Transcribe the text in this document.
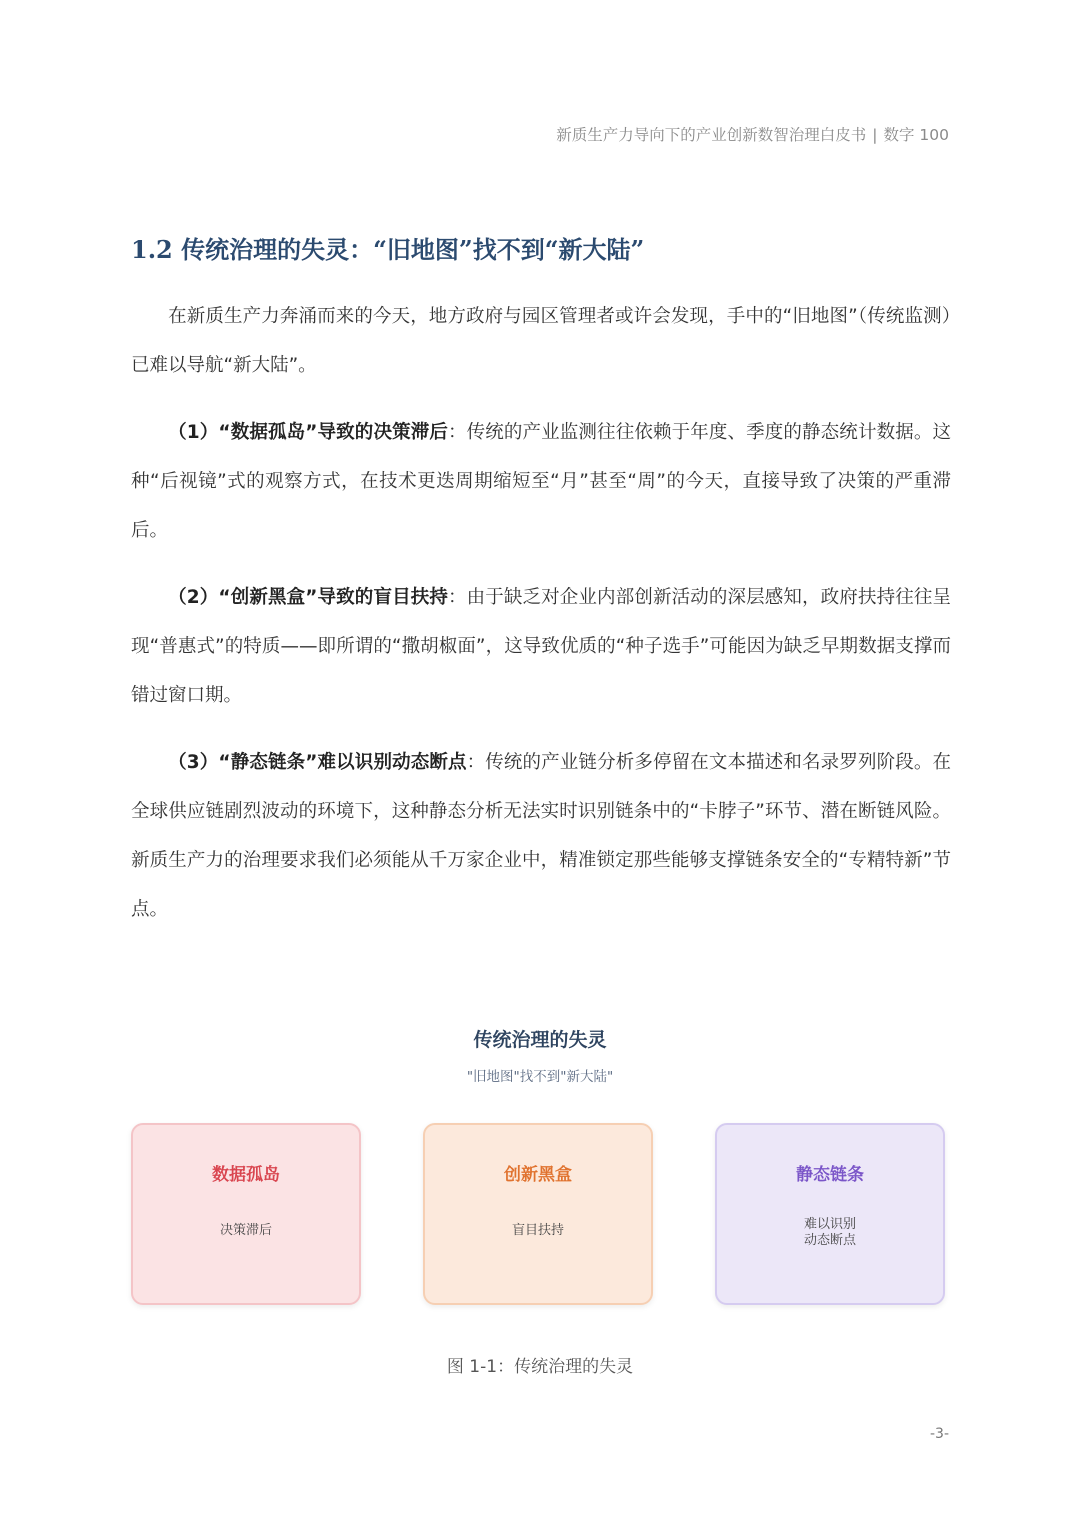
新质生产力导向下的产业创新数智治理白皮书 | 数字 100
1.2 传统治理的失灵：“旧地图”找不到“新大陆”

在新质生产力奔涌而来的今天，地方政府与园区管理者或许会发现，手中的“旧地图”（传统监测）已难以导航“新大陆”。

（1）“数据孤岛”导致的决策滞后：传统的产业监测往往依赖于年度、季度的静态统计数据。这种“后视镜”式的观察方式，在技术更迭周期缩短至“月”甚至“周”的今天，直接导致了决策的严重滞后。

（2）“创新黑盒”导致的盲目扶持：由于缺乏对企业内部创新活动的深层感知，政府扶持往往呈现“普惠式”的特质——即所谓的“撒胡椒面”，这导致优质的“种子选手”可能因为缺乏早期数据支撑而错过窗口期。

（3）“静态链条”难以识别动态断点：传统的产业链分析多停留在文本描述和名录罗列阶段。在全球供应链剧烈波动的环境下，这种静态分析无法实时识别链条中的“卡脖子”环节、潜在断链风险。新质生产力的治理要求我们必须能从千万家企业中，精准锁定那些能够支撑链条安全的“专精特新”节点。

传统治理的失灵
"旧地图"找不到"新大陆"
数据孤岛
决策滞后
创新黑盒
盲目扶持
静态链条
难以识别
动态断点
图 1-1：传统治理的失灵
-3-
